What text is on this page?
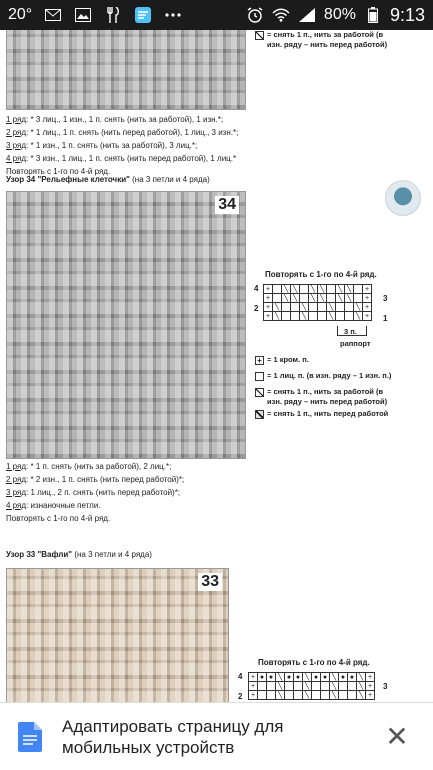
20°	80% 9:13
= снять 1 п., нить за работой (в
изн. ряду – нить перед работой)
1 ряд: * 3 лиц., 1 изн., 1 п. снять (нить за работой), 1 изн.*;
2 ряд: * 1 лиц., 1 п. снять (нить перед работой), 1 лиц., 3 изн.*;
3 ряд: * 1 изн., 1 п. снять (нить за работой), 3 лиц.*;
4 ряд: * 3 изн., 1 лиц., 1 п. снять (нить перед работой), 1 лиц.*
Повторять с 1-го по 4-й ряд.
Узор 34 "Рельефные клеточки" (на 3 петли и 4 ряда)
34
Повторять с 1-го по 4-й ряд.
4
2
3
1
+		╲	╲		╲	╲		╲	╲		+
+		╲	╲		╲	╲		╲	╲		+
+	╲			╲			╲			╲	+
+	╲			╲			╲			╲	+
3 п.
раппорт
+ = 1 кром. п.
= 1 лиц. п. (в изн. ряду – 1 изн. п.)
= снять 1 п., нить за работой (в
изн. ряду – нить перед работой)
= снять 1 п., нить перед работой
1 ряд: * 1 п. снять (нить за работой), 2 лиц.*;
2 ряд: * 2 изн., 1 п. снять (нить перед работой)*;
3 ряд: 1 лиц., 2 п. снять (нить перед работой)*;
4 ряд: изнаночные петли.
Повторять с 1-го по 4-й ряд.
Узор 33 "Вафли" (на 3 петли и 4 ряда)
33
Повторять с 1-го по 4-й ряд.
4
2
3
+	●	●	╲	●	●	╲	●	●	╲	●	●	╲	+
+			╲			╲			╲			╲	+
+			╲			╲			╲			╲	+
Адаптировать страницу для мобильных устройств	✕
